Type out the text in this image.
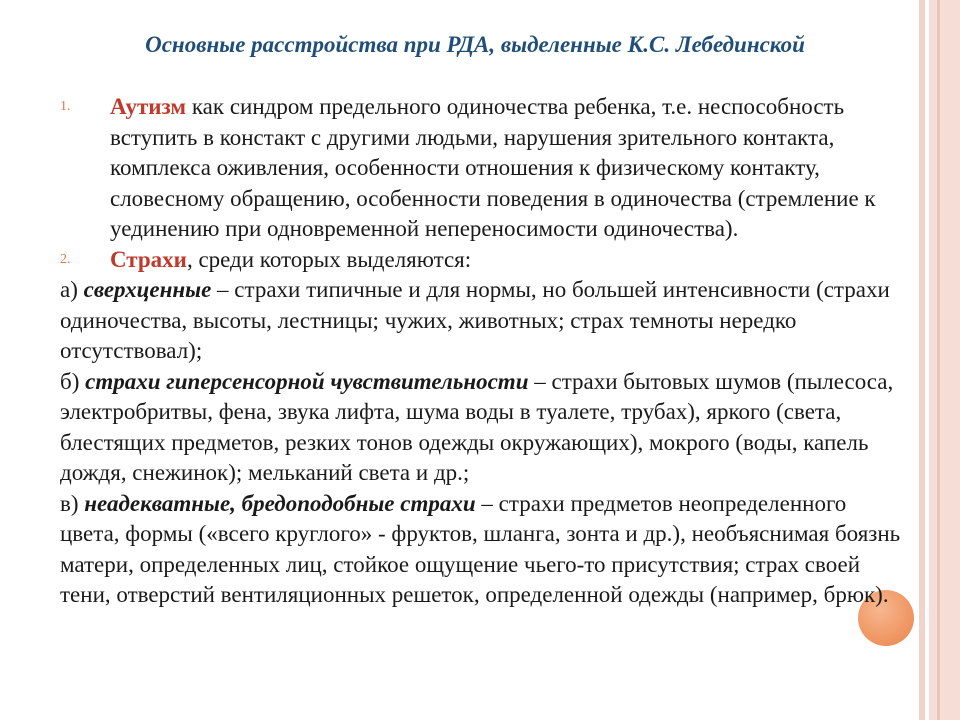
Основные расстройства при РДА, выделенные К.С. Лебединской

1. Аутизм как синдром предельного одиночества ребенка, т.е. неспособность вступить в констакт с другими людьми, нарушения зрительного контакта, комплекса оживления, особенности отношения к физическому контакту, словесному обращению, особенности поведения в одиночества (стремление к уединению при одновременной непереносимости одиночества).

2. Страхи, среди которых выделяются:

а) сверхценные – страхи типичные и для нормы, но большей интенсивности (страхи одиночества, высоты, лестницы; чужих, животных; страх темноты нередко отсутствовал);

б) страхи гиперсенсорной чувствительности – страхи бытовых шумов (пылесоса, электробритвы, фена, звука лифта, шума воды в туалете, трубах), яркого (света, блестящих предметов, резких тонов одежды окружающих), мокрого (воды, капель дождя, снежинок); мельканий света и др.;

в) неадекватные, бредоподобные страхи – страхи предметов неопределенного цвета, формы («всего круглого» - фруктов, шланга, зонта и др.), необъяснимая боязнь матери, определенных лиц, стойкое ощущение чьего-то присутствия; страх своей тени, отверстий вентиляционных решеток, определенной одежды (например, брюк).
